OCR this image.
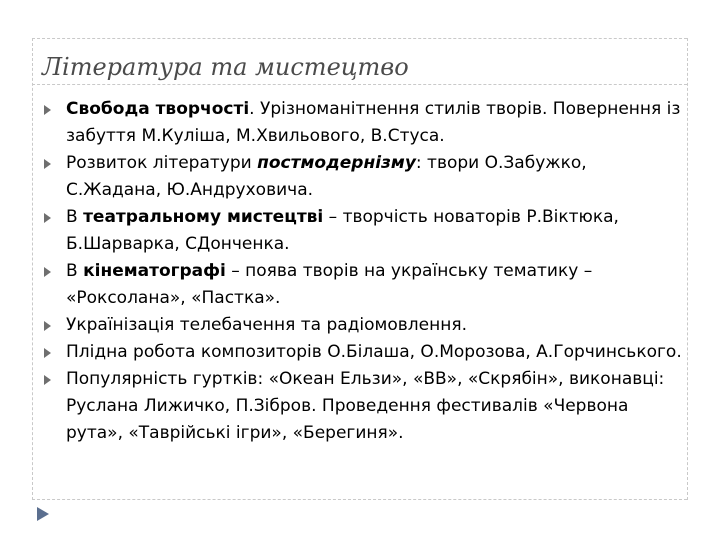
Література та мистецтво
Свобода творчості. Урізноманітнення стилів творів. Повернення із забуття М.Куліша, М.Хвильового, В.Стуса.
Розвиток літератури постмодернізму: твори О.Забужко, С.Жадана, Ю.Андруховича.
В театральному мистецтві – творчість новаторів Р.Віктюка, Б.Шарварка, СДонченка.
В кінематографі – поява творів на українську тематику – «Роксолана», «Пастка».
Українізація телебачення та радіомовлення.
Плідна робота композиторів О.Білаша, О.Морозова, А.Горчинського.
Популярність гуртків: «Океан Ельзи», «ВВ», «Скрябін», виконавці: Руслана Лижичко, П.Зібров. Проведення фестивалів «Червона рута», «Таврійські ігри», «Берегиня».
